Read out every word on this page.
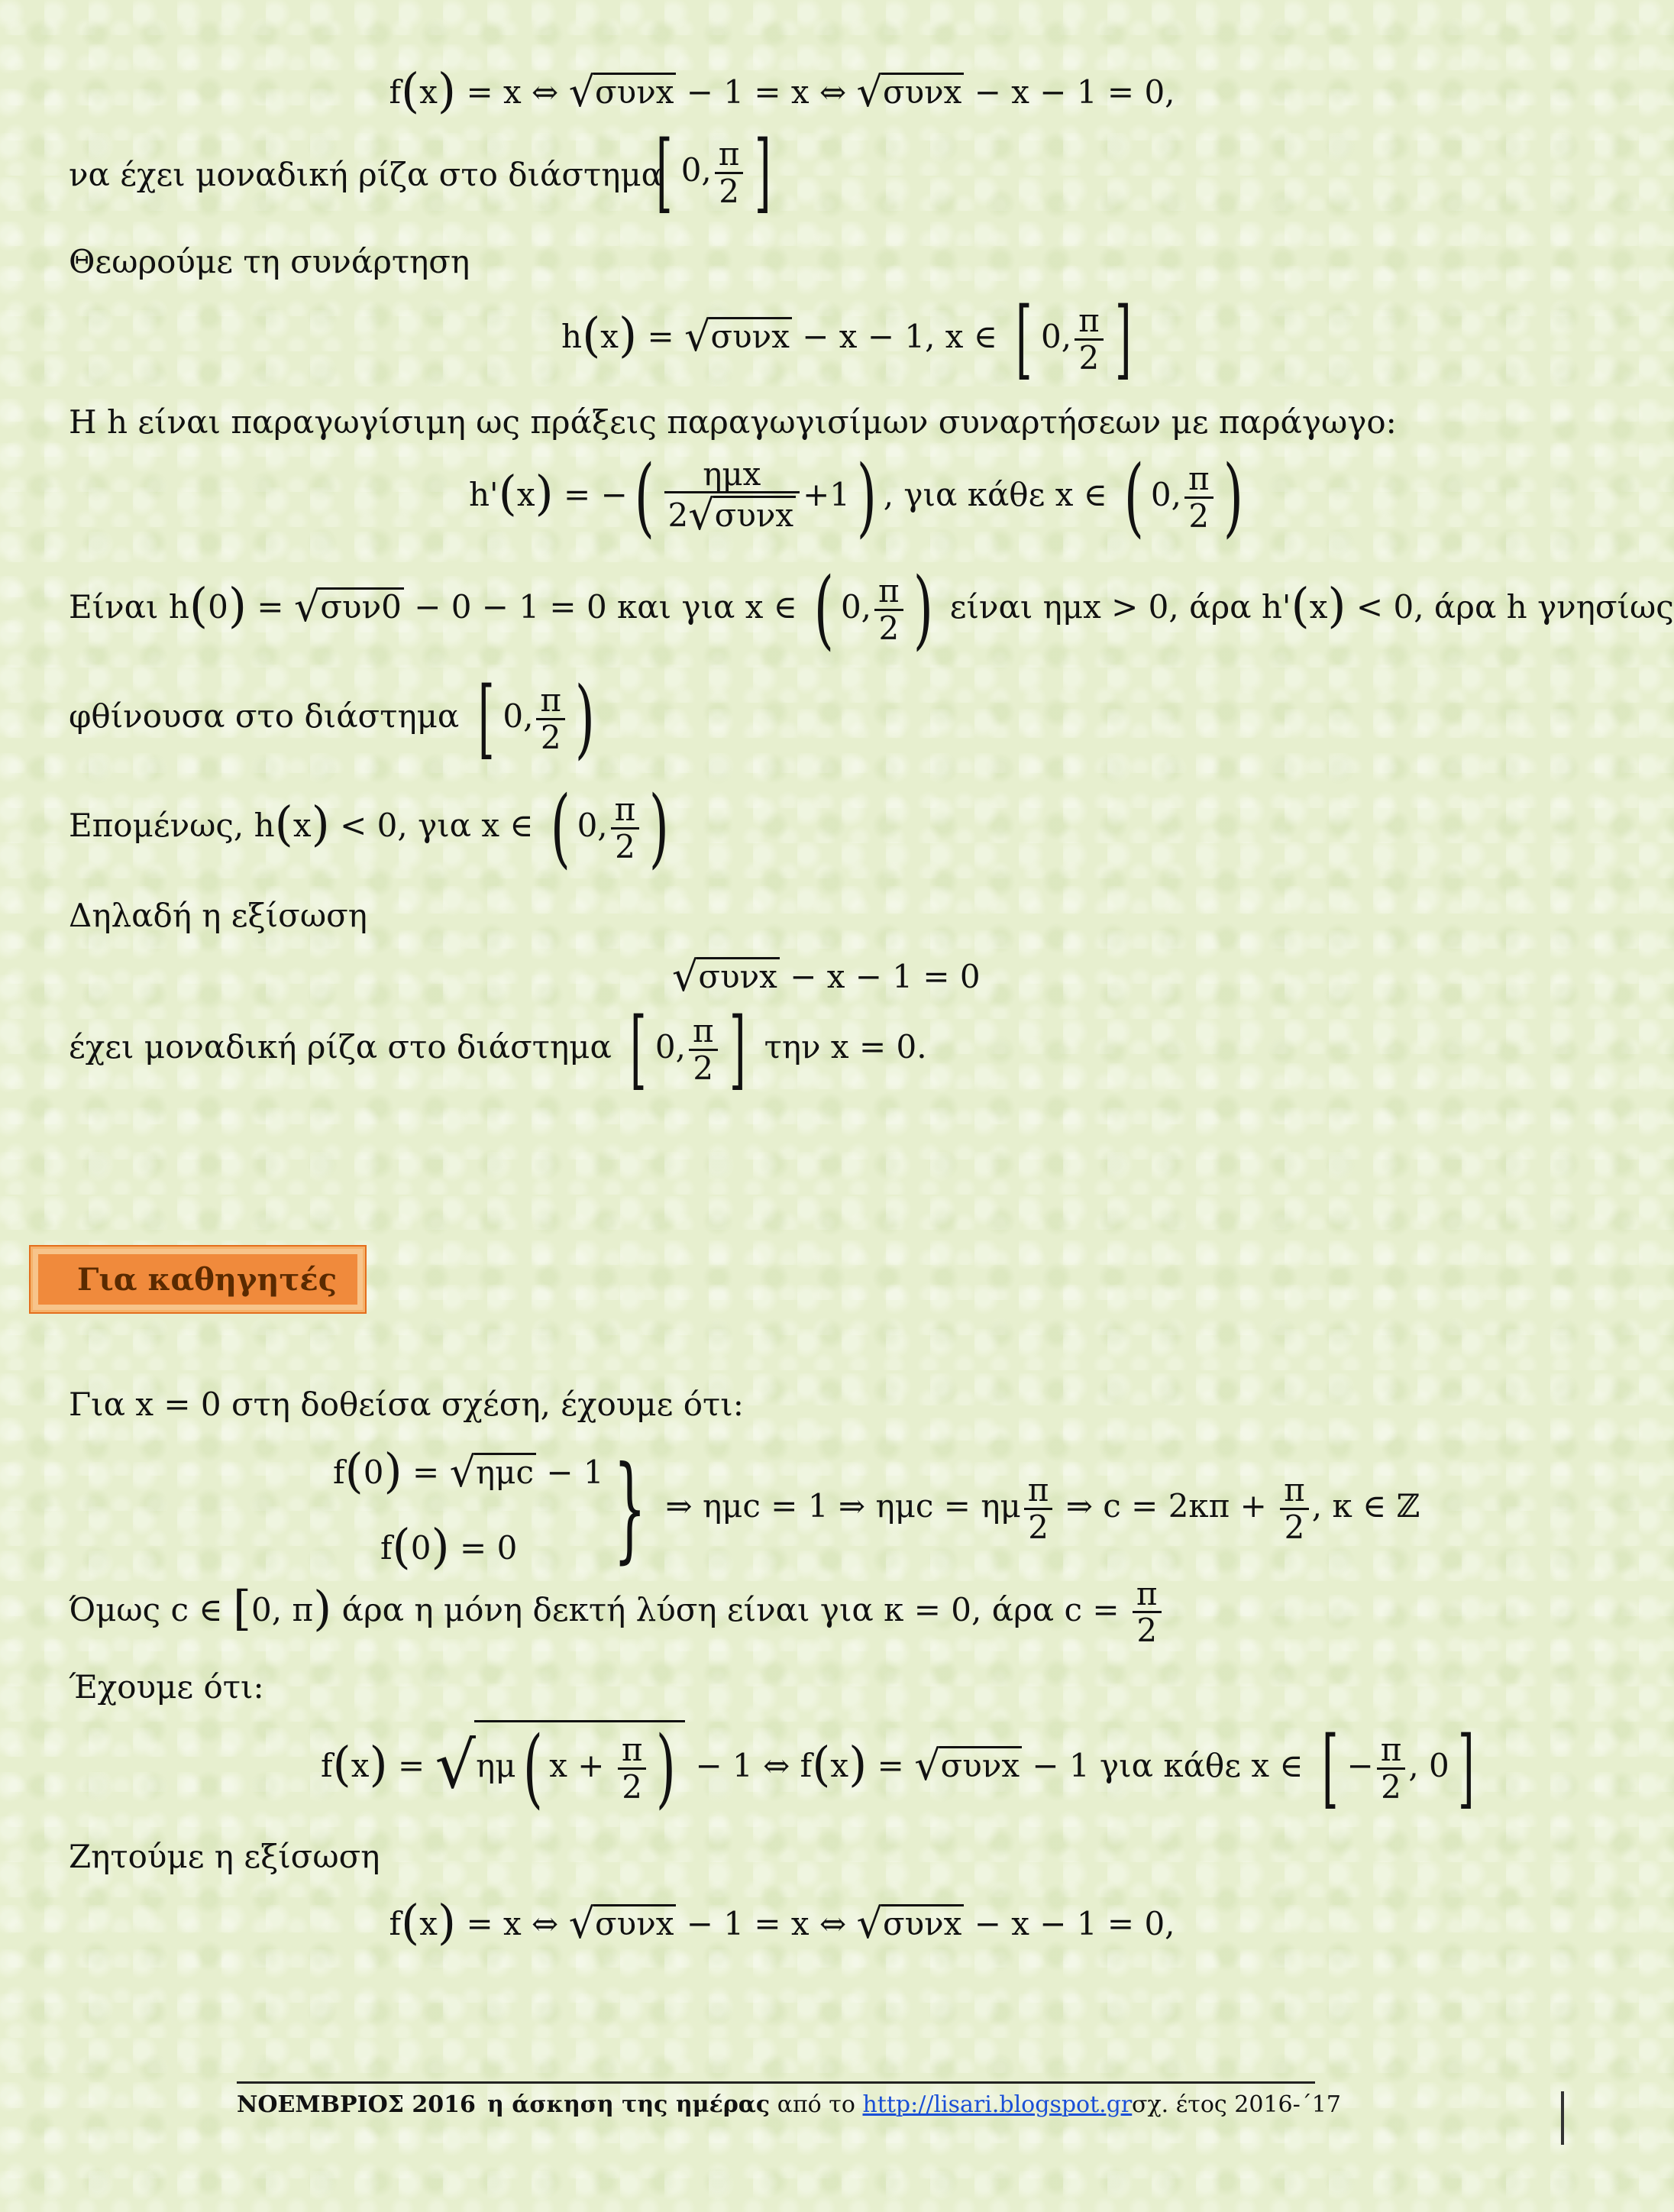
f(x) = x ⇔ √συνx − 1 = x ⇔ √συνx − x − 1 = 0,
να έχει μοναδική ρίζα στο διάστημα
[ 0, $\frac{\pi}{2}$ ]
Θεωρούμε τη συνάρτηση
h(x) = √συνx − x − 1, x ∈ [ 0, $\frac{\pi}{2}$ ]
Η h είναι παραγωγίσιμη ως πράξεις παραγωγισίμων συναρτήσεων με παράγωγο:
h'(x) = −( $\frac{\text{ημx}}{\text{2√συνx}} +1$) , για κάθε x ∈ ( 0, $\frac{\pi}{2}$ )
Είναι h(0) = √συν0 − 0 − 1 = 0 και για x ∈ ( 0, $\frac{\pi}{2}$ ) είναι ημx > 0, άρα h'(x) < 0, άρα h γνησίως
φθίνουσα στο διάστημα [ 0, $\frac{\pi}{2}$ )
Επομένως, h(x) < 0, για x ∈ ( 0, $\frac{\pi}{2}$ )
Δηλαδή η εξίσωση
√συνx − x − 1 = 0
έχει μοναδική ρίζα στο διάστημα [ 0, $\frac{\pi}{2}$ ] την x = 0.
Για καθηγητές
Για x = 0 στη δοθείσα σχέση, έχουμε ότι:
f(0) = √ημc − 1
f(0) = 0 } ⇒ ημc = 1 ⇒ ημc = ημ $\frac{\pi}{2}$ ⇒ $c = 2\kappa\pi + \frac{\pi}{2}$ , κ ∈ ℤ
Όμως c ∈ [0, π) άρα η μόνη δεκτή λύση είναι για κ = 0, άρα $c = \frac{\pi}{2}$
Έχουμε ότι:
f(x) = √ημ( $x + \frac{\pi}{2}$ ) − 1 ⇔ f(x) = √συνx − 1 για κάθε x ∈ [ − $\frac{\pi}{2}$ , 0]
Ζητούμε η εξίσωση
f(x) = x ⇔ √συνx − 1 = x ⇔ √συνx − x − 1 = 0,
ΝΟΕΜΒΡΙΟΣ 2016 η άσκηση της ημέρας από το http://lisari.blogspot.gr σχ. έτος 2016-΄17
